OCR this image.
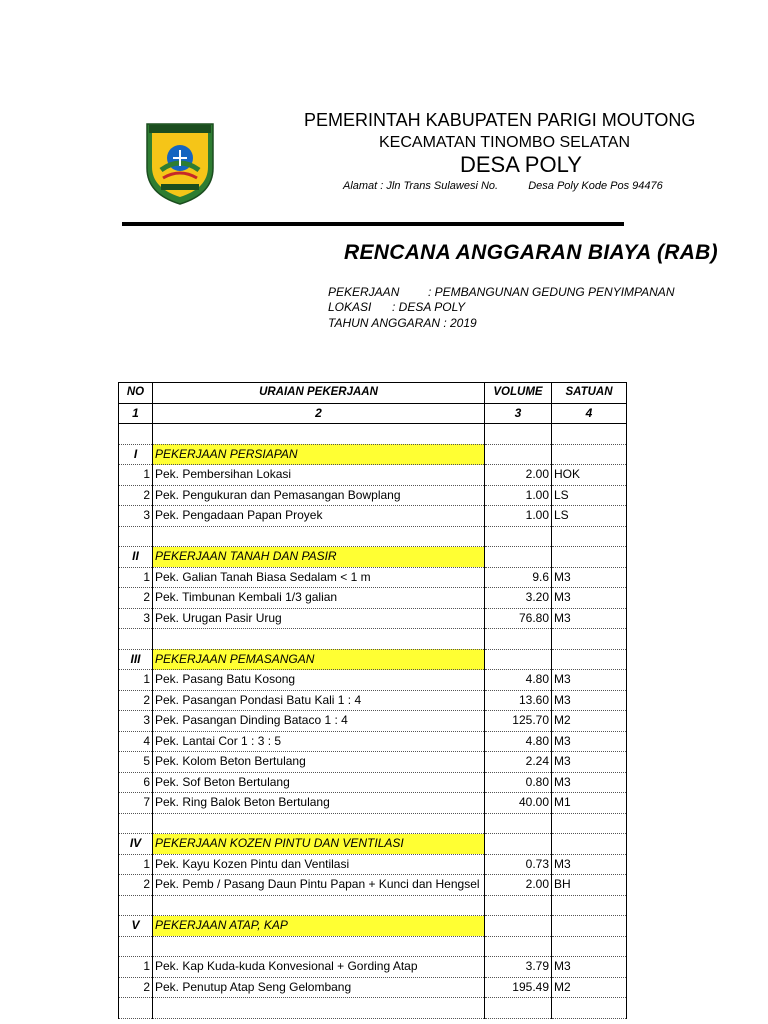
PEMERINTAH KABUPATEN PARIGI MOUTONG
KECAMATAN TINOMBO SELATAN
DESA POLY
Alamat : Jln Trans Sulawesi No.	Desa Poly Kode Pos 94476
RENCANA ANGGARAN BIAYA (RAB)
PEKERJAAN : PEMBANGUNAN GEDUNG PENYIMPANAN
LOKASI : DESA POLY
TAHUN ANGGARAN : 2019
NO	URAIAN PEKERJAAN	VOLUME	SATUAN
1	2	3	4

I	PEKERJAAN PERSIAPAN		
1	Pek. Pembersihan Lokasi	2.00	HOK
2	Pek. Pengukuran dan Pemasangan Bowplang	1.00	LS
3	Pek. Pengadaan Papan Proyek	1.00	LS

II	PEKERJAAN TANAH DAN PASIR		
1	Pek. Galian Tanah Biasa Sedalam < 1 m	9.6	M3
2	Pek. Timbunan Kembali 1/3 galian	3.20	M3
3	Pek. Urugan Pasir Urug	76.80	M3

III	PEKERJAAN PEMASANGAN		
1	Pek. Pasang Batu Kosong	4.80	M3
2	Pek. Pasangan Pondasi Batu Kali 1 : 4	13.60	M3
3	Pek. Pasangan Dinding Bataco 1 : 4	125.70	M2
4	Pek. Lantai Cor 1 : 3 : 5	4.80	M3
5	Pek. Kolom Beton Bertulang	2.24	M3
6	Pek. Sof Beton Bertulang	0.80	M3
7	Pek. Ring Balok Beton Bertulang	40.00	M1

IV	PEKERJAAN KOZEN PINTU DAN VENTILASI		
1	Pek. Kayu Kozen Pintu dan Ventilasi	0.73	M3
2	Pek. Pemb / Pasang Daun Pintu Papan + Kunci dan Hengsel	2.00	BH

V	PEKERJAAN ATAP, KAP		

1	Pek. Kap Kuda-kuda Konvesional + Gording Atap	3.79	M3
2	Pek. Penutup Atap Seng Gelombang	195.49	M2
